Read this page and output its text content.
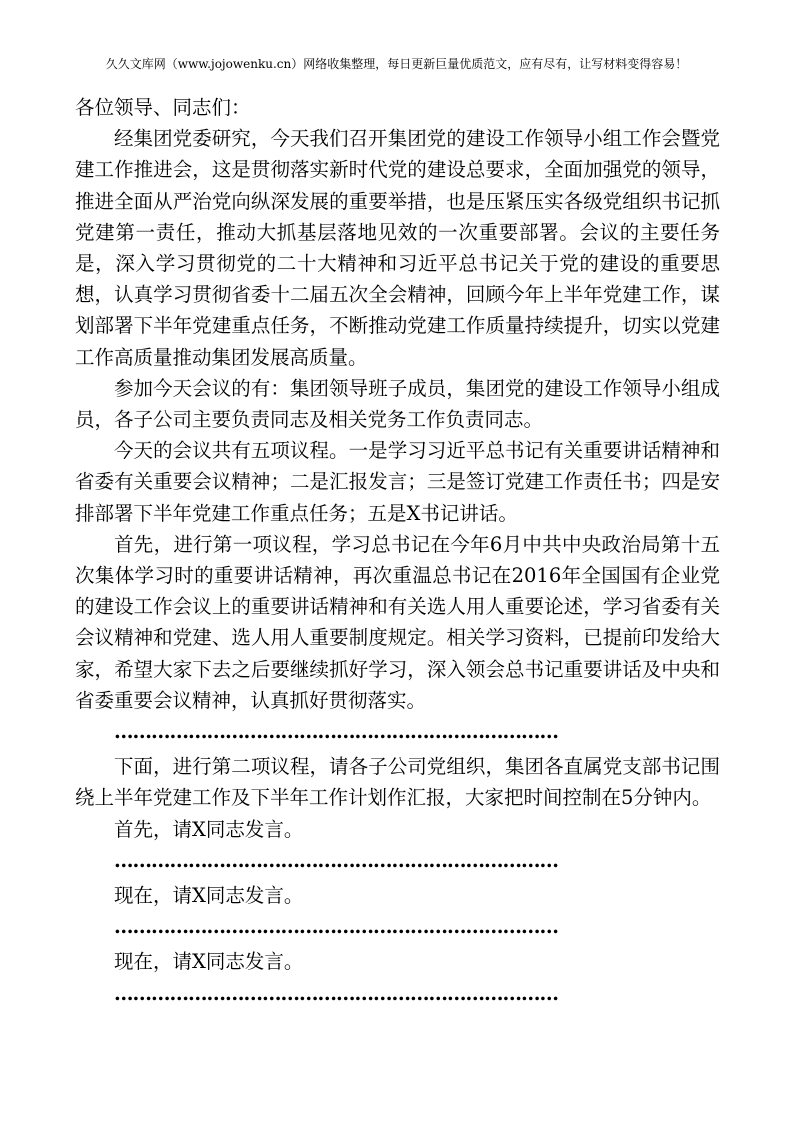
久久文库网（www.jojowenku.cn）网络收集整理，每日更新巨量优质范文，应有尽有，让写材料变得容易！

各位领导、同志们：

经集团党委研究，今天我们召开集团党的建设工作领导小组工作会暨党建工作推进会，这是贯彻落实新时代党的建设总要求，全面加强党的领导，推进全面从严治党向纵深发展的重要举措，也是压紧压实各级党组织书记抓党建第一责任，推动大抓基层落地见效的一次重要部署。会议的主要任务是，深入学习贯彻党的二十大精神和习近平总书记关于党的建设的重要思想，认真学习贯彻省委十二届五次全会精神，回顾今年上半年党建工作，谋划部署下半年党建重点任务，不断推动党建工作质量持续提升，切实以党建工作高质量推动集团发展高质量。

参加今天会议的有：集团领导班子成员，集团党的建设工作领导小组成员，各子公司主要负责同志及相关党务工作负责同志。

今天的会议共有五项议程。一是学习习近平总书记有关重要讲话精神和省委有关重要会议精神；二是汇报发言；三是签订党建工作责任书；四是安排部署下半年党建工作重点任务；五是X书记讲话。

首先，进行第一项议程，学习总书记在今年6月中共中央政治局第十五次集体学习时的重要讲话精神，再次重温总书记在2016年全国国有企业党的建设工作会议上的重要讲话精神和有关选人用人重要论述，学习省委有关会议精神和党建、选人用人重要制度规定。相关学习资料，已提前印发给大家，希望大家下去之后要继续抓好学习，深入领会总书记重要讲话及中央和省委重要会议精神，认真抓好贯彻落实。

………………………………………………………………

下面，进行第二项议程，请各子公司党组织，集团各直属党支部书记围绕上半年党建工作及下半年工作计划作汇报，大家把时间控制在5分钟内。

首先，请X同志发言。

………………………………………………………………

现在，请X同志发言。

………………………………………………………………

现在，请X同志发言。

………………………………………………………………
